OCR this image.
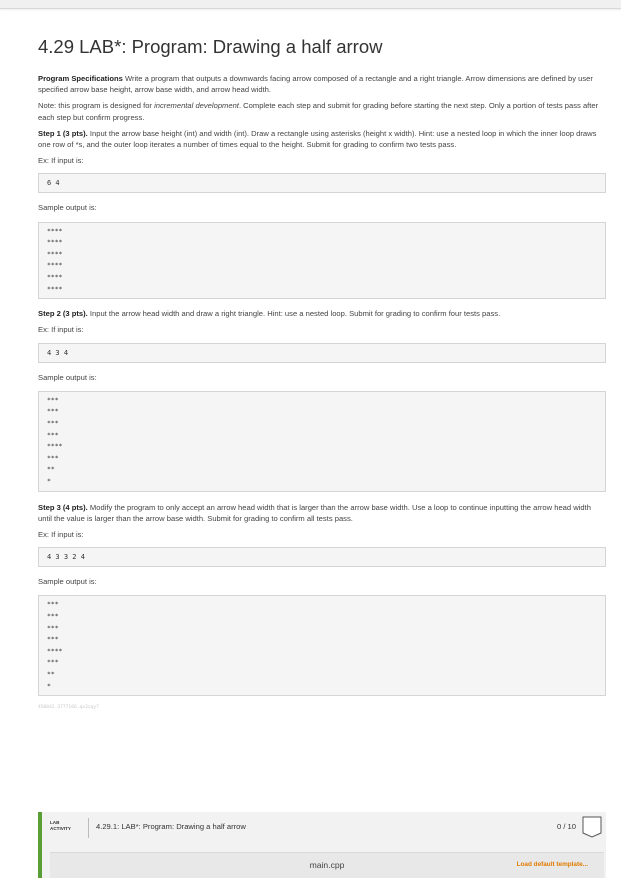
4.29 LAB*: Program: Drawing a half arrow

Program Specifications Write a program that outputs a downwards facing arrow composed of a rectangle and a right triangle. Arrow dimensions are defined by user specified arrow base height, arrow base width, and arrow head width.

Note: this program is designed for incremental development. Complete each step and submit for grading before starting the next step. Only a portion of tests pass after each step but confirm progress.

Step 1 (3 pts). Input the arrow base height (int) and width (int). Draw a rectangle using asterisks (height x width). Hint: use a nested loop in which the inner loop draws one row of *s, and the outer loop iterates a number of times equal to the height. Submit for grading to confirm two tests pass.

Ex: If input is:

6 4

Sample output is:

****
****
****
****
****
****

Step 2 (3 pts). Input the arrow head width and draw a right triangle. Hint: use a nested loop. Submit for grading to confirm four tests pass.

Ex: If input is:

4 3 4

Sample output is:

***
***
***
***
****
***
**
*

Step 3 (4 pts). Modify the program to only accept an arrow head width that is larger than the arrow base width. Use a loop to continue inputting the arrow head width until the value is larger than the arrow base width. Submit for grading to confirm all tests pass.

Ex: If input is:

4 3 3 2 4

Sample output is:

***
***
***
***
****
***
**
*
450842.3777166.qx3zqy7
LAB
ACTIVITY	4.29.1: LAB*: Program: Drawing a half arrow	0 / 10
main.cpp	Load default template...
